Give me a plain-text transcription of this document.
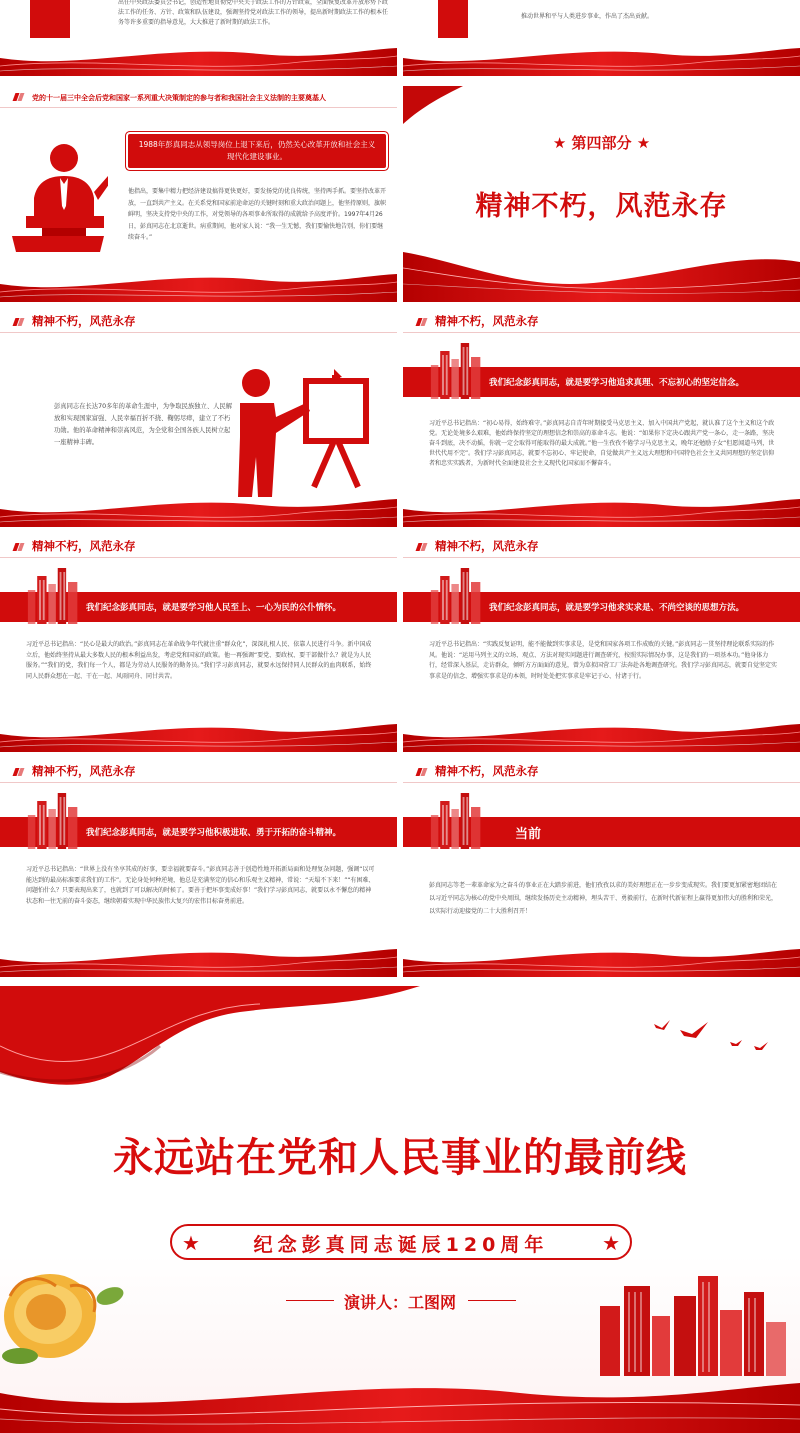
出任中央政法委员会书记，创造性地贯彻党中央关于政法工作的方针政策，全面恢复改革开放形势下政法工作的任务、方针、政策和队伍建设，强调坚持党对政法工作的领导，提出新时期政法工作的根本任务等许多重要的指导意见，大大推进了新时期的政法工作。
推动世界和平与人类进步事业，作出了杰出贡献。
党的十一届三中全会后党和国家一系列重大决策制定的参与者和我国社会主义法制的主要奠基人
1988年彭真同志从领导岗位上退下来后，仍然关心改革开放和社会主义现代化建设事业。
他指出，要集中精力把经济建设搞得更快更好，要发扬党的优良传统，坚持两手抓。要坚持改革开放，一直到共产主义。在关系党和国家前途命运的关键时刻和重大政治问题上，他坚持原则，旗帜鲜明，坚决支持党中央的工作，对党领导的各项事业所取得的成就给予高度评价。1997年4月26日，彭真同志在北京逝世。病重期间，他对家人说：“我一生无憾，我们要愉快地告别，你们要继续奋斗。”
★ 第四部分 ★
精神不朽，风范永存
精神不朽，风范永存
彭真同志在长达70多年的革命生涯中，为争取民族独立、人民解放和实现国家富强、人民幸福百折不挠、鞠躬尽瘁，建立了不朽功勋。他的革命精神和崇高风范，为全党和全国各族人民树立起一座精神丰碑。
精神不朽，风范永存
我们纪念彭真同志，就是要学习他追求真理、不忘初心的坚定信念。
习近平总书记指出：“初心易得，始终难守。”彭真同志自青年时期接受马克思主义、加入中国共产党起，就认准了这个主义和这个政党。无论处境多么艰难，他始终保持坚定的理想信念和崇高的革命斗志。他说：“如果你下定决心跟共产党一条心，走一条路，坚决奋斗到底，决不动摇，你就一定会取得可能取得的最大成就。”他一生孜孜不倦学习马克思主义，晚年还勉励子女“但愿闻道马列，世世代代用不完”。我们学习彭真同志，就要不忘初心、牢记使命，自觉做共产主义远大理想和中国特色社会主义共同理想的坚定信仰者和忠实实践者，为新时代全面建设社会主义现代化国家而不懈奋斗。
精神不朽，风范永存
我们纪念彭真同志，就是要学习他人民至上、一心为民的公仆情怀。
习近平总书记指出：“民心是最大的政治。”彭真同志在革命战争年代就注重“群众化”，深深扎根人民、依靠人民进行斗争。新中国成立后，他始终坚持从最大多数人民的根本利益出发，考虑党和国家的政策。他一再强调“要党、要政权、要干部做什么？就是为人民服务。”“我们的党，我们每一个人，都是为劳动人民服务的勤务员。”我们学习彭真同志，就要永远保持同人民群众的血肉联系，始终同人民群众想在一起、干在一起、风雨同舟、同甘共苦。
精神不朽，风范永存
我们纪念彭真同志，就是要学习他求实求是、不尚空谈的思想方法。
习近平总书记指出：“实践反复证明，能不能做到实事求是，是党和国家各项工作成败的关键。”彭真同志一贯坚持理论联系实际的作风。他说：“运用马列主义的立场、观点、方法对现实问题进行调查研究，按照实际情况办事，这是我们的一项基本功。”他身体力行，经常深入基层，走访群众，倾听方方面面的意见，曾为草拟国营工厂法奔赴各地调查研究。我们学习彭真同志，就要自觉坚定实事求是的信念、增强实事求是的本领，时时处处把实事求是牢记于心、付诸于行。
精神不朽，风范永存
我们纪念彭真同志，就是要学习他积极进取、勇于开拓的奋斗精神。
习近平总书记指出：“世界上没有坐享其成的好事，要幸福就要奋斗。”彭真同志善于创造性地开拓新局面和处理复杂问题，强调“以可能达到的最高标准要求我们的工作”。无论身处何种逆境，他总是充满坚定的信心和乐观主义精神，常说：“天塌不下来！”“有困难、问题怕什么？只要表现出来了，也就到了可以解决的时候了。要善于把坏事变成好事！”我们学习彭真同志，就要以永不懈怠的精神状态和一往无前的奋斗姿态，继续朝着实现中华民族伟大复兴的宏伟目标奋勇前进。
精神不朽，风范永存
当前
彭真同志等老一辈革命家为之奋斗的事业正在大踏步前进，他们孜孜以求的美好理想正在一步步变成现实。我们要更加紧密地团结在以习近平同志为核心的党中央周围，继续发扬历史主动精神，埋头苦干、勇毅前行，在新时代新征程上赢得更加伟大的胜利和荣光，以实际行动迎接党的二十大胜利召开！
永远站在党和人民事业的最前线
★	★
纪念彭真同志诞辰120周年
演讲人：工图网
